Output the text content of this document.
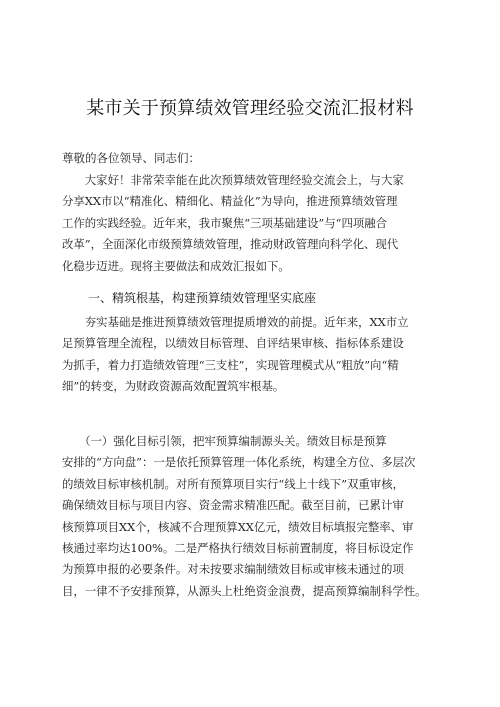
某市关于预算绩效管理经验交流汇报材料
尊敬的各位领导、同志们：
　　大家好！非常荣幸能在此次预算绩效管理经验交流会上，与大家
分享XX市以“精准化、精细化、精益化”为导向，推进预算绩效管理
工作的实践经验。近年来，我市聚焦“三项基础建设”与“四项融合
改革”，全面深化市级预算绩效管理，推动财政管理向科学化、现代
化稳步迈进。现将主要做法和成效汇报如下。
一、精筑根基，构建预算绩效管理坚实底座
　　夯实基础是推进预算绩效管理提质增效的前提。近年来，XX市立
足预算管理全流程，以绩效目标管理、自评结果审核、指标体系建设
为抓手，着力打造绩效管理“三支柱”，实现管理模式从“粗放”向“精
细”的转变，为财政资源高效配置筑牢根基。
　　（一）强化目标引领，把牢预算编制源头关。绩效目标是预算
安排的“方向盘”：一是依托预算管理一体化系统，构建全方位、多层次
的绩效目标审核机制。对所有预算项目实行“线上十线下”双重审核，
确保绩效目标与项目内容、资金需求精准匹配。截至目前，已累计审
核预算项目XX个，核减不合理预算XX亿元，绩效目标填报完整率、审
核通过率均达100%。二是严格执行绩效目标前置制度，将目标设定作
为预算申报的必要条件。对未按要求编制绩效目标或审核未通过的项
目，一律不予安排预算，从源头上杜绝资金浪费，提高预算编制科学性。
